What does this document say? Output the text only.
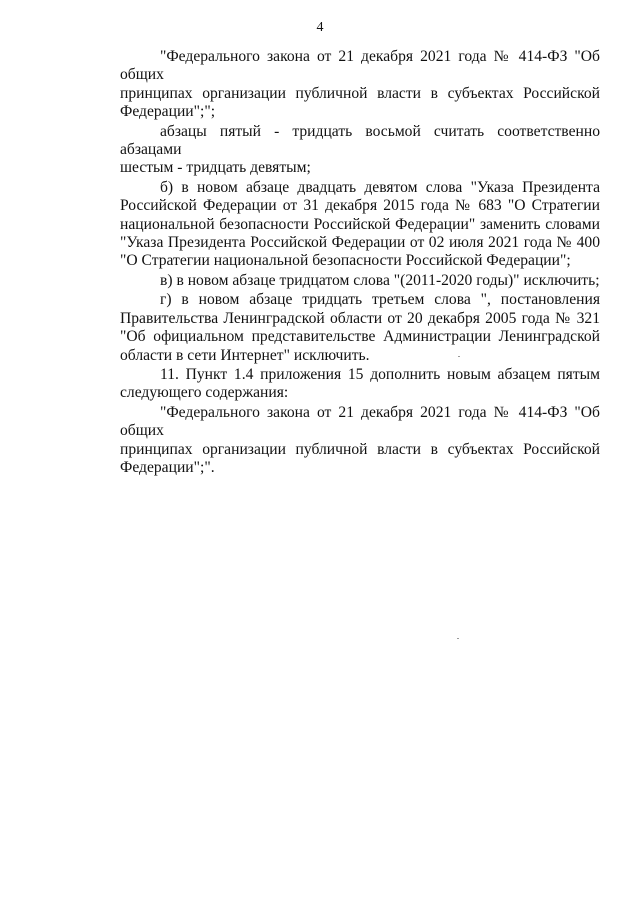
4
"Федерального закона от 21 декабря 2021 года № 414-ФЗ "Об общих
принципах организации публичной власти в субъектах Российской
Федерации";";
абзацы пятый - тридцать восьмой считать соответственно абзацами
шестым - тридцать девятым;
б) в новом абзаце двадцать девятом слова "Указа Президента
Российской Федерации от 31 декабря 2015 года № 683 "О Стратегии
национальной безопасности Российской Федерации" заменить словами
"Указа Президента Российской Федерации от 02 июля 2021 года № 400
"О Стратегии национальной безопасности Российской Федерации";
в) в новом абзаце тридцатом слова "(2011-2020 годы)" исключить;
г) в новом абзаце тридцать третьем слова ", постановления
Правительства Ленинградской области от 20 декабря 2005 года № 321
"Об официальном представительстве Администрации Ленинградской
области в сети Интернет" исключить.
11. Пункт 1.4 приложения 15 дополнить новым абзацем пятым
следующего содержания:
"Федерального закона от 21 декабря 2021 года № 414-ФЗ "Об общих
принципах организации публичной власти в субъектах Российской
Федерации";".
